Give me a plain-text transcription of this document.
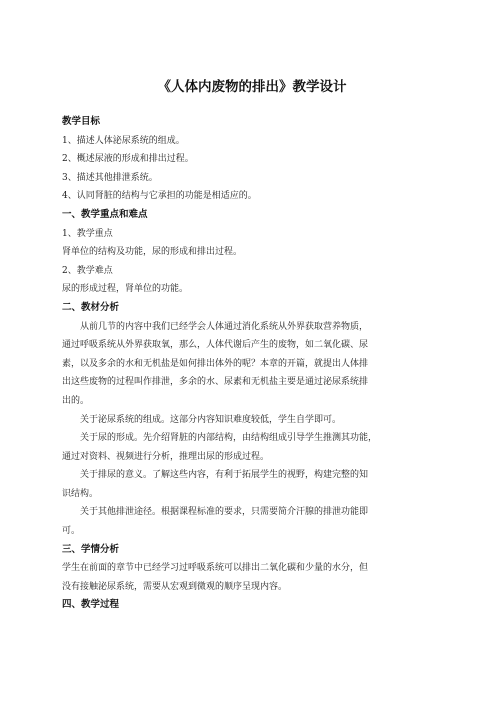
《人体内废物的排出》教学设计
教学目标
1、描述人体泌尿系统的组成。
2、概述尿液的形成和排出过程。
3、描述其他排泄系统。
4、认同肾脏的结构与它承担的功能是相适应的。
一、教学重点和难点
1、教学重点
肾单位的结构及功能，尿的形成和排出过程。
2、教学难点
尿的形成过程，肾单位的功能。
二、教材分析
从前几节的内容中我们已经学会人体通过消化系统从外界获取营养物质，
通过呼吸系统从外界获取氧，那么，人体代谢后产生的废物，如二氧化碳、尿
素，以及多余的水和无机盐是如何排出体外的呢？本章的开篇，就提出人体排
出这些废物的过程叫作排泄，多余的水、尿素和无机盐主要是通过泌尿系统排
出的。
关于泌尿系统的组成。这部分内容知识难度较低，学生自学即可。
关于尿的形成。先介绍肾脏的内部结构，由结构组成引导学生推测其功能，
通过对资料、视频进行分析，推理出尿的形成过程。
关于排尿的意义。了解这些内容，有利于拓展学生的视野，构建完整的知
识结构。
关于其他排泄途径。根据课程标准的要求，只需要简介汗腺的排泄功能即
可。
三、学情分析
学生在前面的章节中已经学习过呼吸系统可以排出二氧化碳和少量的水分，但
没有接触泌尿系统，需要从宏观到微观的顺序呈现内容。
四、教学过程
